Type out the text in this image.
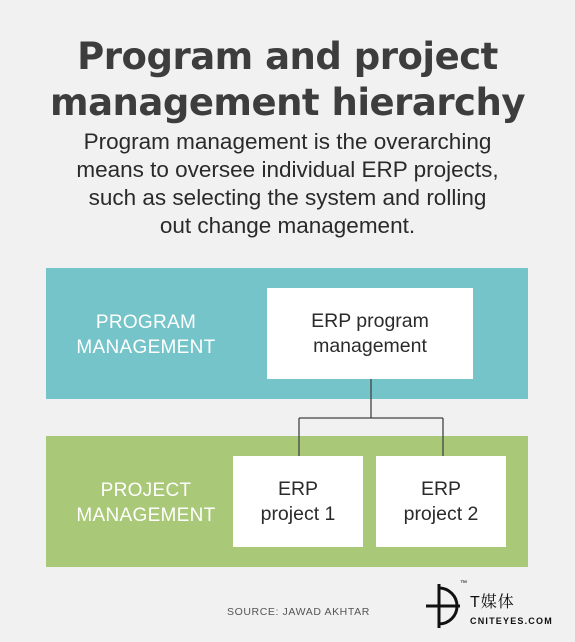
Program and project
management hierarchy
Program management is the overarching
means to oversee individual ERP projects,
such as selecting the system and rolling
out change management.
PROGRAM
MANAGEMENT
ERP program
management
PROJECT
MANAGEMENT
ERP
project 1
ERP
project 2
SOURCE: JAWAD AKHTAR
™
T媒体
CNITEYES.COM
